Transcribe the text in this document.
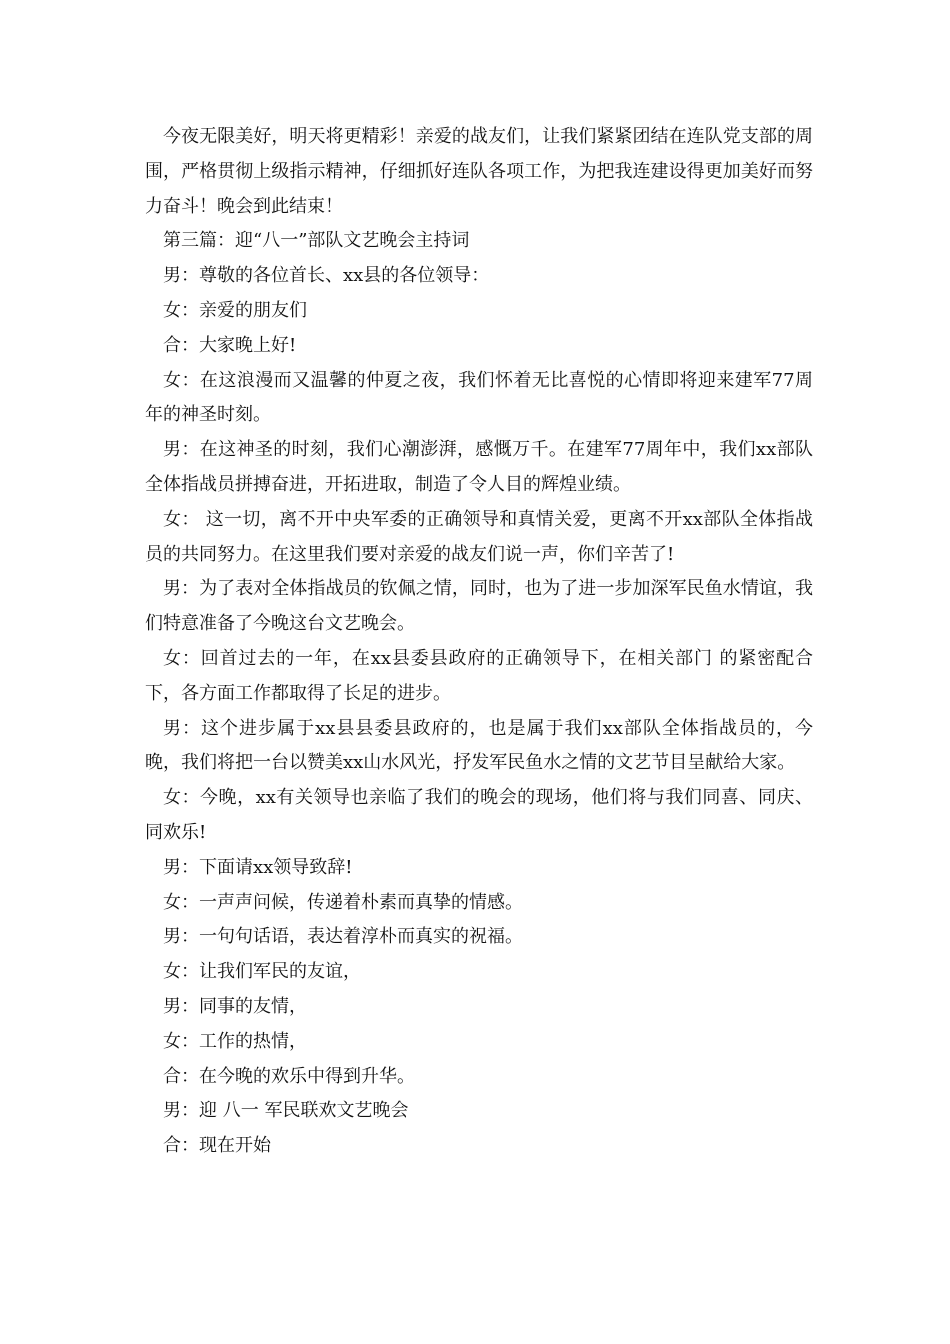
今夜无限美好，明天将更精彩！亲爱的战友们，让我们紧紧团结在连队党支部的周围，严格贯彻上级指示精神，仔细抓好连队各项工作，为把我连建设得更加美好而努力奋斗！晚会到此结束！

第三篇：迎“八一”部队文艺晚会主持词

男：尊敬的各位首长、xx县的各位领导：

女：亲爱的朋友们

合：大家晚上好!

女：在这浪漫而又温馨的仲夏之夜，我们怀着无比喜悦的心情即将迎来建军77周年的神圣时刻。

男：在这神圣的时刻，我们心潮澎湃，感慨万千。在建军77周年中，我们xx部队全体指战员拼搏奋进，开拓进取，制造了令人目的辉煌业绩。

女： 这一切，离不开中央军委的正确领导和真情关爱，更离不开xx部队全体指战员的共同努力。在这里我们要对亲爱的战友们说一声，你们辛苦了!

男：为了表对全体指战员的钦佩之情，同时，也为了进一步加深军民鱼水情谊，我们特意准备了今晚这台文艺晚会。

女：回首过去的一年，在xx县委县政府的正确领导下，在相关部门 的紧密配合下，各方面工作都取得了长足的进步。

男：这个进步属于xx县县委县政府的，也是属于我们xx部队全体指战员的，今晚，我们将把一台以赞美xx山水风光，抒发军民鱼水之情的文艺节目呈献给大家。

女：今晚，xx有关领导也亲临了我们的晚会的现场，他们将与我们同喜、同庆、同欢乐!

男：下面请xx领导致辞!

女：一声声问候，传递着朴素而真挚的情感。

男：一句句话语，表达着淳朴而真实的祝福。

女：让我们军民的友谊，

男：同事的友情，

女：工作的热情，

合：在今晚的欢乐中得到升华。

男：迎 八一 军民联欢文艺晚会

合：现在开始
